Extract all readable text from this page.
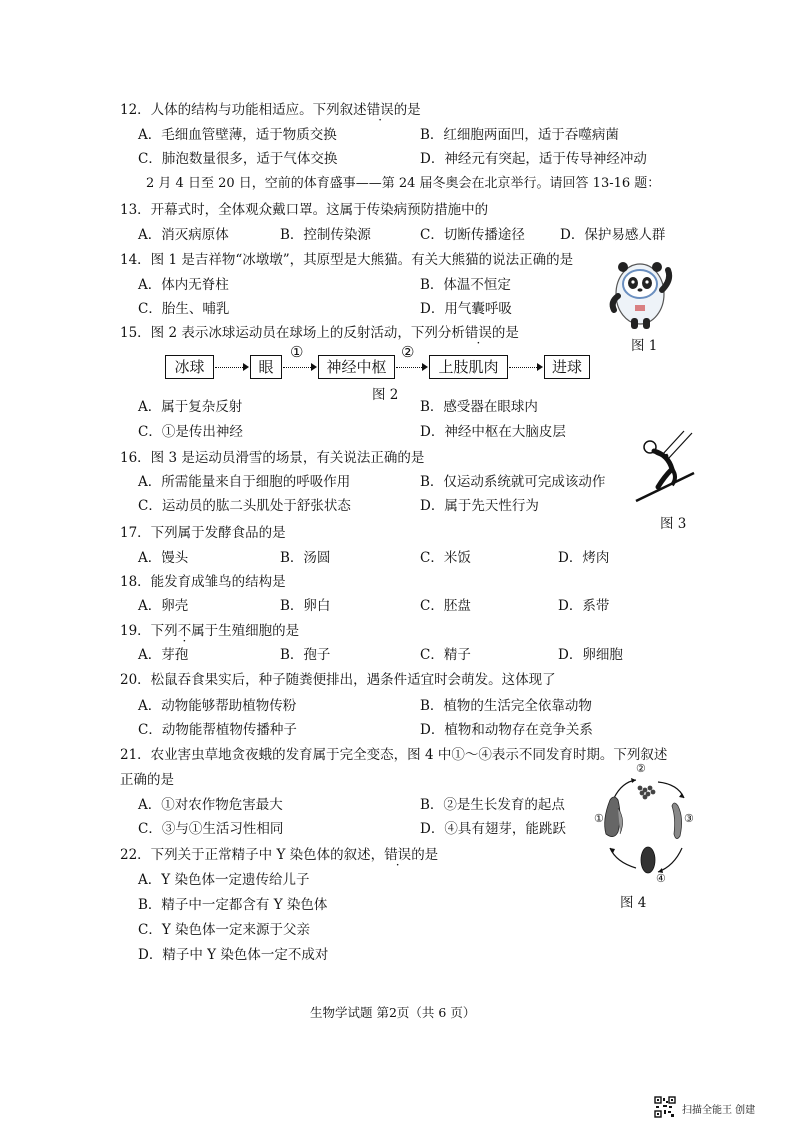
12．人体的结构与功能相适应。下列叙述错误的是
A．毛细血管壁薄，适于物质交换	B．红细胞两面凹，适于吞噬病菌
C．肺泡数量很多，适于气体交换	D．神经元有突起，适于传导神经冲动
2 月 4 日至 20 日，空前的体育盛事——第 24 届冬奥会在北京举行。请回答 13-16 题：
13．开幕式时，全体观众戴口罩。这属于传染病预防措施中的
A．消灭病原体	B．控制传染源	C．切断传播途径	D．保护易感人群
14．图 1 是吉祥物“冰墩墩”，其原型是大熊猫。有关大熊猫的说法正确的是
A．体内无脊柱	B．体温不恒定
C．胎生、哺乳	D．用气囊呼吸
图 1
15．图 2 表示冰球运动员在球场上的反射活动，下列分析错误的是
冰球	眼
①
神经中枢
②
上肢肌肉	进球
图 2
A．属于复杂反射	B．感受器在眼球内
C．①是传出神经	D．神经中枢在大脑皮层
16．图 3 是运动员滑雪的场景，有关说法正确的是
A．所需能量来自于细胞的呼吸作用	B．仅运动系统就可完成该动作
C．运动员的肱二头肌处于舒张状态	D．属于先天性行为
图 3
17．下列属于发酵食品的是
A．馒头	B．汤圆	C．米饭	D．烤肉
18．能发育成雏鸟的结构是
A．卵壳	B．卵白	C．胚盘	D．系带
19．下列不属于生殖细胞的是
A．芽孢	B．孢子	C．精子	D．卵细胞
20．松鼠吞食果实后，种子随粪便排出，遇条件适宜时会萌发。这体现了
A．动物能够帮助植物传粉	B．植物的生活完全依靠动物
C．动物能帮植物传播种子	D．植物和动物存在竞争关系
21．农业害虫草地贪夜蛾的发育属于完全变态，图 4 中①～④表示不同发育时期。下列叙述
正确的是
A．①对农作物危害最大	B．②是生长发育的起点
C．③与①生活习性相同	D．④具有翅芽，能跳跃
②
③
④
①
图 4
22．下列关于正常精子中 Y 染色体的叙述，错误的是
A．Y 染色体一定遗传给儿子
B．精子中一定都含有 Y 染色体
C．Y 染色体一定来源于父亲
D．精子中 Y 染色体一定不成对
生物学试题 第2页（共 6 页）
扫描全能王 创建
